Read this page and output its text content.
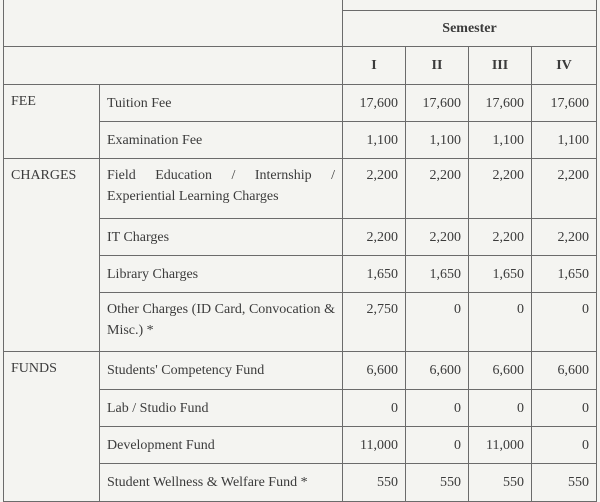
		Semester			
		I	II	III	IV
FEE	Tuition Fee	17,600	17,600	17,600	17,600
	Examination Fee	1,100	1,100	1,100	1,100
CHARGES	Field Education / Internship / Experiential Learning Charges	2,200	2,200	2,200	2,200
	IT Charges	2,200	2,200	2,200	2,200
	Library Charges	1,650	1,650	1,650	1,650
	Other Charges (ID Card, Convocation & Misc.) *	2,750	0	0	0
FUNDS	Students' Competency Fund	6,600	6,600	6,600	6,600
	Lab / Studio Fund	0	0	0	0
	Development Fund	11,000	0	11,000	0
	Student Wellness & Welfare Fund *	550	550	550	550
